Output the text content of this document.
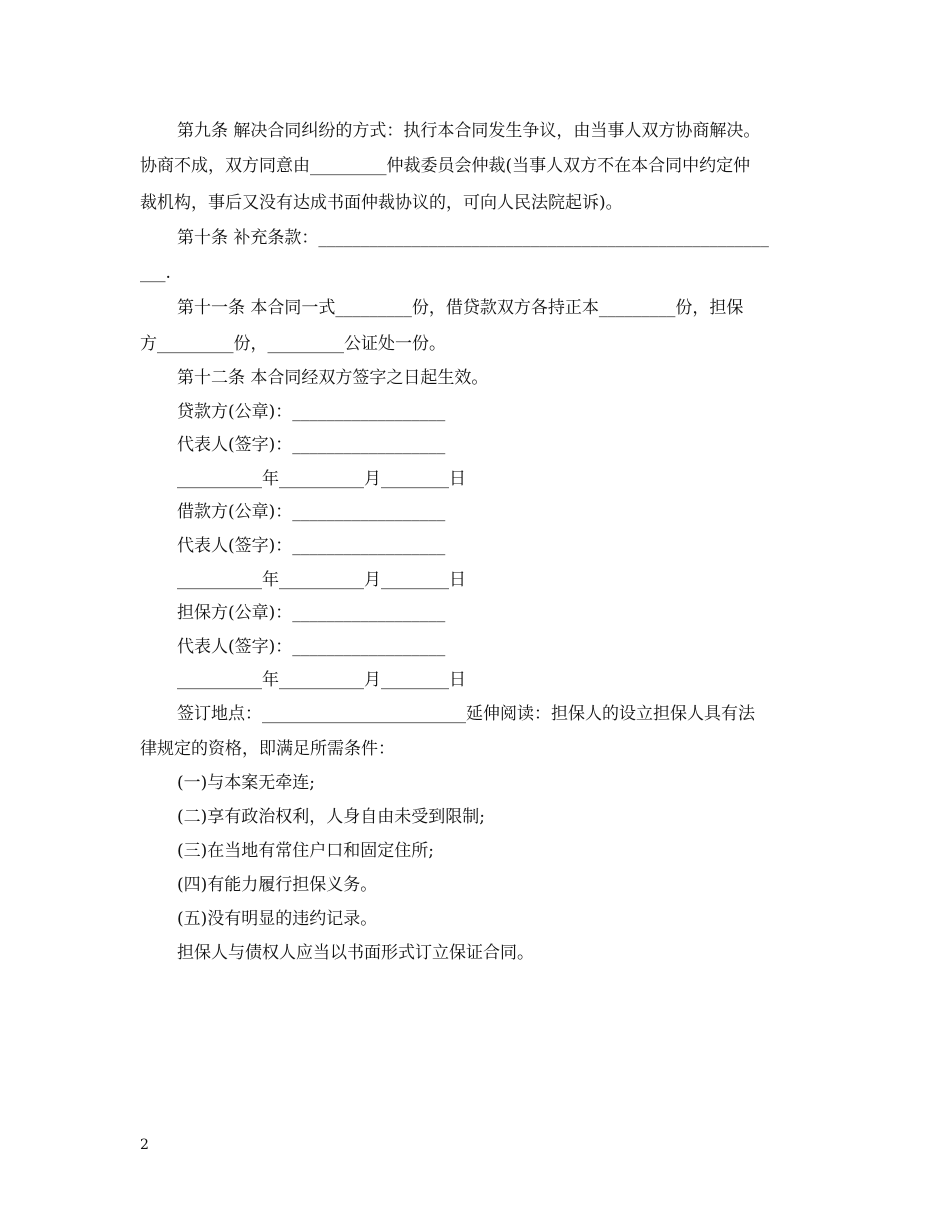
第九条 解决合同纠纷的方式：执行本合同发生争议，由当事人双方协商解决。
协商不成，双方同意由_________仲裁委员会仲裁(当事人双方不在本合同中约定仲
裁机构，事后又没有达成书面仲裁协议的，可向人民法院起诉)。
第十条 补充条款：_____________________________________________________
___.
第十一条 本合同一式_________份，借贷款双方各持正本_________份，担保
方_________份，_________公证处一份。
第十二条 本合同经双方签字之日起生效。
贷款方(公章)：__________________
代表人(签字)：__________________
__________年__________月________日
借款方(公章)：__________________
代表人(签字)：__________________
__________年__________月________日
担保方(公章)：__________________
代表人(签字)：__________________
__________年__________月________日
签订地点：________________________延伸阅读：担保人的设立担保人具有法
律规定的资格，即满足所需条件：
(一)与本案无牵连;
(二)享有政治权利，人身自由未受到限制;
(三)在当地有常住户口和固定住所;
(四)有能力履行担保义务。
(五)没有明显的违约记录。
担保人与债权人应当以书面形式订立保证合同。
2
